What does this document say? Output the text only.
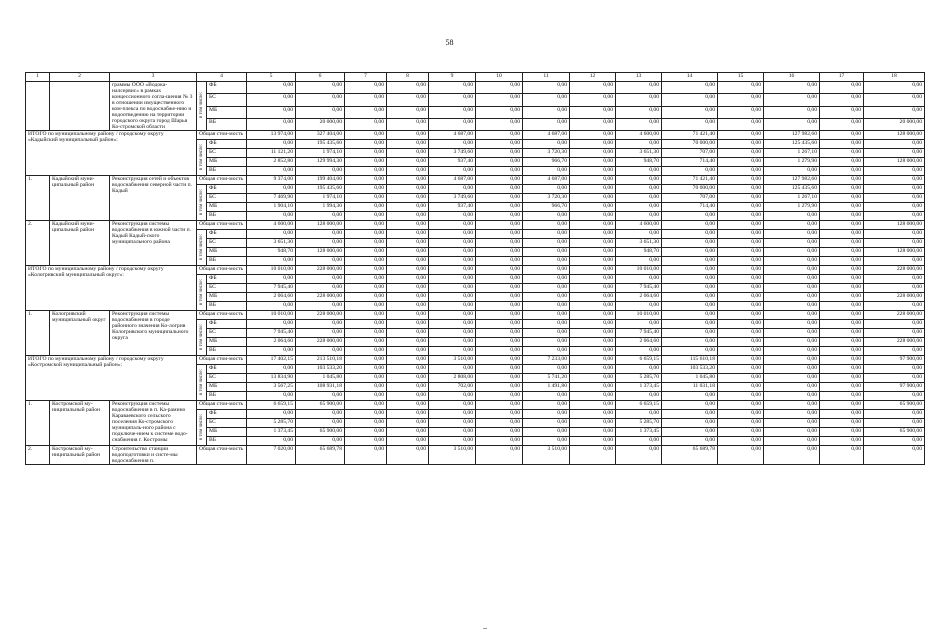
58
1	2	3	4		5	6	7	8	9	10	11	12	13	14	15	16	17	18
		граммы ООО «Водока-налсервис» в рамках концессионного согла-шения № 3 в отношении имущественного ком-плекса по водоснабже-нию и водоотведению на территории городского округа город Шарья Ко-стромской области	в том числе:	ФБ	0,00	0,00	0,00	0,00	0,00	0,00	0,00	0,00	0,00	0,00	0,00	0,00	0,00	0,00
				БС	0,00	0,00	0,00	0,00	0,00	0,00	0,00	0,00	0,00	0,00	0,00	0,00	0,00	0,00
				МБ	0,00	0,00	0,00	0,00	0,00	0,00	0,00	0,00	0,00	0,00	0,00	0,00	0,00	0,00
				ВБ	0,00	20 000,00	0,00	0,00	0,00	0,00	0,00	0,00	0,00	0,00	0,00	0,00	0,00	20 000,00
ИТОГО по муниципальному району / городскому округу «Кадыйский муниципальный район»:			Общая стои-мость		13 974,00	327 404,00	0,00	0,00	4 687,00	0,00	4 687,00	0,00	4 600,00	71 421,40	0,00	127 982,60	0,00	128 000,00
			в том числе:	ФБ	0,00	195 435,60	0,00	0,00	0,00	0,00	0,00	0,00	0,00	70 000,00	0,00	125 435,60	0,00	0,00
				БС	11 121,20	1 974,10	0,00	0,00	3 749,60	0,00	3 720,30	0,00	3 651,30	707,00	0,00	1 267,10	0,00	0,00
				МБ	2 852,80	129 994,30	0,00	0,00	937,40	0,00	966,70	0,00	948,70	714,40	0,00	1 279,90	0,00	128 000,00
				ВБ	0,00	0,00	0,00	0,00	0,00	0,00	0,00	0,00	0,00	0,00	0,00	0,00	0,00	0,00
1.	Кадыйский муни-ципальный район	Реконструкция сетей и объектов водоснабжения северной части п. Кадый	Общая стои-мость		9 374,00	199 404,00	0,00	0,00	4 687,00	0,00	4 687,00	0,00	0,00	71 421,40	0,00	127 982,60	0,00	0,00
			в том числе:	ФБ	0,00	195 435,60	0,00	0,00	0,00	0,00	0,00	0,00	0,00	70 000,00	0,00	125 435,60	0,00	0,00
				БС	7 469,90	1 974,10	0,00	0,00	3 749,60	0,00	3 720,30	0,00	0,00	707,00	0,00	1 267,10	0,00	0,00
				МБ	1 904,10	1 994,30	0,00	0,00	937,40	0,00	966,70	0,00	0,00	714,40	0,00	1 279,90	0,00	0,00
				ВБ	0,00	0,00	0,00	0,00	0,00	0,00	0,00	0,00	0,00	0,00	0,00	0,00	0,00	0,00
2.	Кадыйский муни-ципальный район	Реконструкция системы водоснабжения в южной части п. Кадый Кадый-ского муниципального района	Общая стои-мость		4 600,00	128 000,00	0,00	0,00	0,00	0,00	0,00	0,00	4 600,00	0,00	0,00	0,00	0,00	128 000,00
			в том числе:	ФБ	0,00	0,00	0,00	0,00	0,00	0,00	0,00	0,00	0,00	0,00	0,00	0,00	0,00	0,00
				БС	3 651,30	0,00	0,00	0,00	0,00	0,00	0,00	0,00	3 651,30	0,00	0,00	0,00	0,00	0,00
				МБ	948,70	128 000,00	0,00	0,00	0,00	0,00	0,00	0,00	948,70	0,00	0,00	0,00	0,00	128 000,00
				ВБ	0,00	0,00	0,00	0,00	0,00	0,00	0,00	0,00	0,00	0,00	0,00	0,00	0,00	0,00
ИТОГО по муниципальному району / городскому округу «Кологривский муниципальный округ»:			Общая стои-мость		10 010,00	228 000,00	0,00	0,00	0,00	0,00	0,00	0,00	10 010,00	0,00	0,00	0,00	0,00	228 000,00
			в том числе:	ФБ	0,00	0,00	0,00	0,00	0,00	0,00	0,00	0,00	0,00	0,00	0,00	0,00	0,00	0,00
				БС	7 945,40	0,00	0,00	0,00	0,00	0,00	0,00	0,00	7 945,40	0,00	0,00	0,00	0,00	0,00
				МБ	2 064,60	228 000,00	0,00	0,00	0,00	0,00	0,00	0,00	2 064,60	0,00	0,00	0,00	0,00	228 000,00
				ВБ	0,00	0,00	0,00	0,00	0,00	0,00	0,00	0,00	0,00	0,00	0,00	0,00	0,00	0,00
1.	Кологривский муниципальный округ	Реконструкция системы водоснабжения в городе районного значения Ко-логрив Кологривского муниципального округа	Общая стои-мость		10 010,00	228 000,00	0,00	0,00	0,00	0,00	0,00	0,00	10 010,00	0,00	0,00	0,00	0,00	228 000,00
			в том числе:	ФБ	0,00	0,00	0,00	0,00	0,00	0,00	0,00	0,00	0,00	0,00	0,00	0,00	0,00	0,00
				БС	7 945,40	0,00	0,00	0,00	0,00	0,00	0,00	0,00	7 945,40	0,00	0,00	0,00	0,00	0,00
				МБ	2 064,60	228 000,00	0,00	0,00	0,00	0,00	0,00	0,00	2 064,60	0,00	0,00	0,00	0,00	228 000,00
				ВБ	0,00	0,00	0,00	0,00	0,00	0,00	0,00	0,00	0,00	0,00	0,00	0,00	0,00	0,00
ИТОГО по муниципальному району / городскому округу «Костромской муниципальный район»:			Общая стои-мость		17 402,15	213 510,18	0,00	0,00	3 510,00	0,00	7 233,00	0,00	6 659,15	115 610,18	0,00	0,00	0,00	97 900,00
			в том числе:	ФБ	0,00	103 533,20	0,00	0,00	0,00	0,00	0,00	0,00	0,00	103 533,20	0,00	0,00	0,00	0,00
				БС	13 834,90	1 045,80	0,00	0,00	2 808,00	0,00	5 741,20	0,00	5 285,70	1 045,80	0,00	0,00	0,00	0,00
				МБ	3 567,25	108 931,18	0,00	0,00	702,00	0,00	1 491,80	0,00	1 373,45	11 031,18	0,00	0,00	0,00	97 900,00
				ВБ	0,00	0,00	0,00	0,00	0,00	0,00	0,00	0,00	0,00	0,00	0,00	0,00	0,00	0,00
1.	Костромской му-ниципальный район	Реконструкция системы водоснабжения в п. Ка-рамино Караваевского сельского поселения Ко-стромского муниципаль-ного района с подключе-нием к системе водо-снабжения г. Костромы	Общая стои-мость		6 659,15	65 900,00	0,00	0,00	0,00	0,00	0,00	0,00	6 659,15	0,00	0,00	0,00	0,00	65 900,00
			в том числе:	ФБ	0,00	0,00	0,00	0,00	0,00	0,00	0,00	0,00	0,00	0,00	0,00	0,00	0,00	0,00
				БС	5 285,70	0,00	0,00	0,00	0,00	0,00	0,00	0,00	5 285,70	0,00	0,00	0,00	0,00	0,00
				МБ	1 373,45	65 900,00	0,00	0,00	0,00	0,00	0,00	0,00	1 373,45	0,00	0,00	0,00	0,00	65 900,00
				ВБ	0,00	0,00	0,00	0,00	0,00	0,00	0,00	0,00	0,00	0,00	0,00	0,00	0,00	0,00
2.	Костромской му-ниципальный район	Строительство станции водоподготовки и систе-мы водоснабжения п.	Общая стои-мость		7 020,00	65 689,78	0,00	0,00	3 510,00	0,00	3 510,00	0,00	0,00	65 689,78	0,00	0,00	0,00	0,00
